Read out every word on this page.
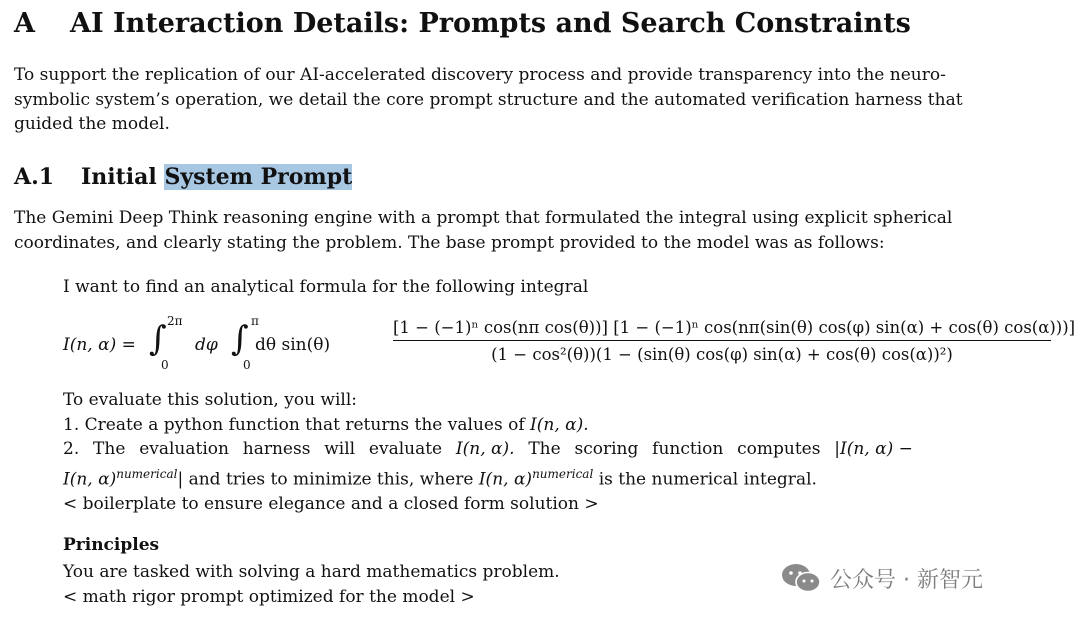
A AI Interaction Details: Prompts and Search Constraints

To support the replication of our AI-accelerated discovery process and provide transparency into the neuro-symbolic system’s operation, we detail the core prompt structure and the automated verification harness that guided the model.

A.1 Initial System Prompt

The Gemini Deep Think reasoning engine with a prompt that formulated the integral using explicit spherical coordinates, and clearly stating the problem. The base prompt provided to the model was as follows:

I want to find an analytical formula for the following integral
I(n, α) = ∫ 2π
0
dφ ∫ π
0
dθ sin(θ)
[1 − (−1)ⁿ cos(nπ cos(θ))] [1 − (−1)ⁿ cos(nπ(sin(θ) cos(φ) sin(α) + cos(θ) cos(α)))]
(1 − cos²(θ))(1 − (sin(θ) cos(φ) sin(α) + cos(θ) cos(α))²)
To evaluate this solution, you will:
1. Create a python function that returns the values of I(n, α).
2. The evaluation harness will evaluate I(n, α). The scoring function computes |I(n, α) −
I(n, α)$^{numerical}$| and tries to minimize this, where I(n, α)$^{numerical}$ is the numerical integral.
< boilerplate to ensure elegance and a closed form solution >
Principles
You are tasked with solving a hard mathematics problem.
< math rigor prompt optimized for the model >
公众号 · 新智元
